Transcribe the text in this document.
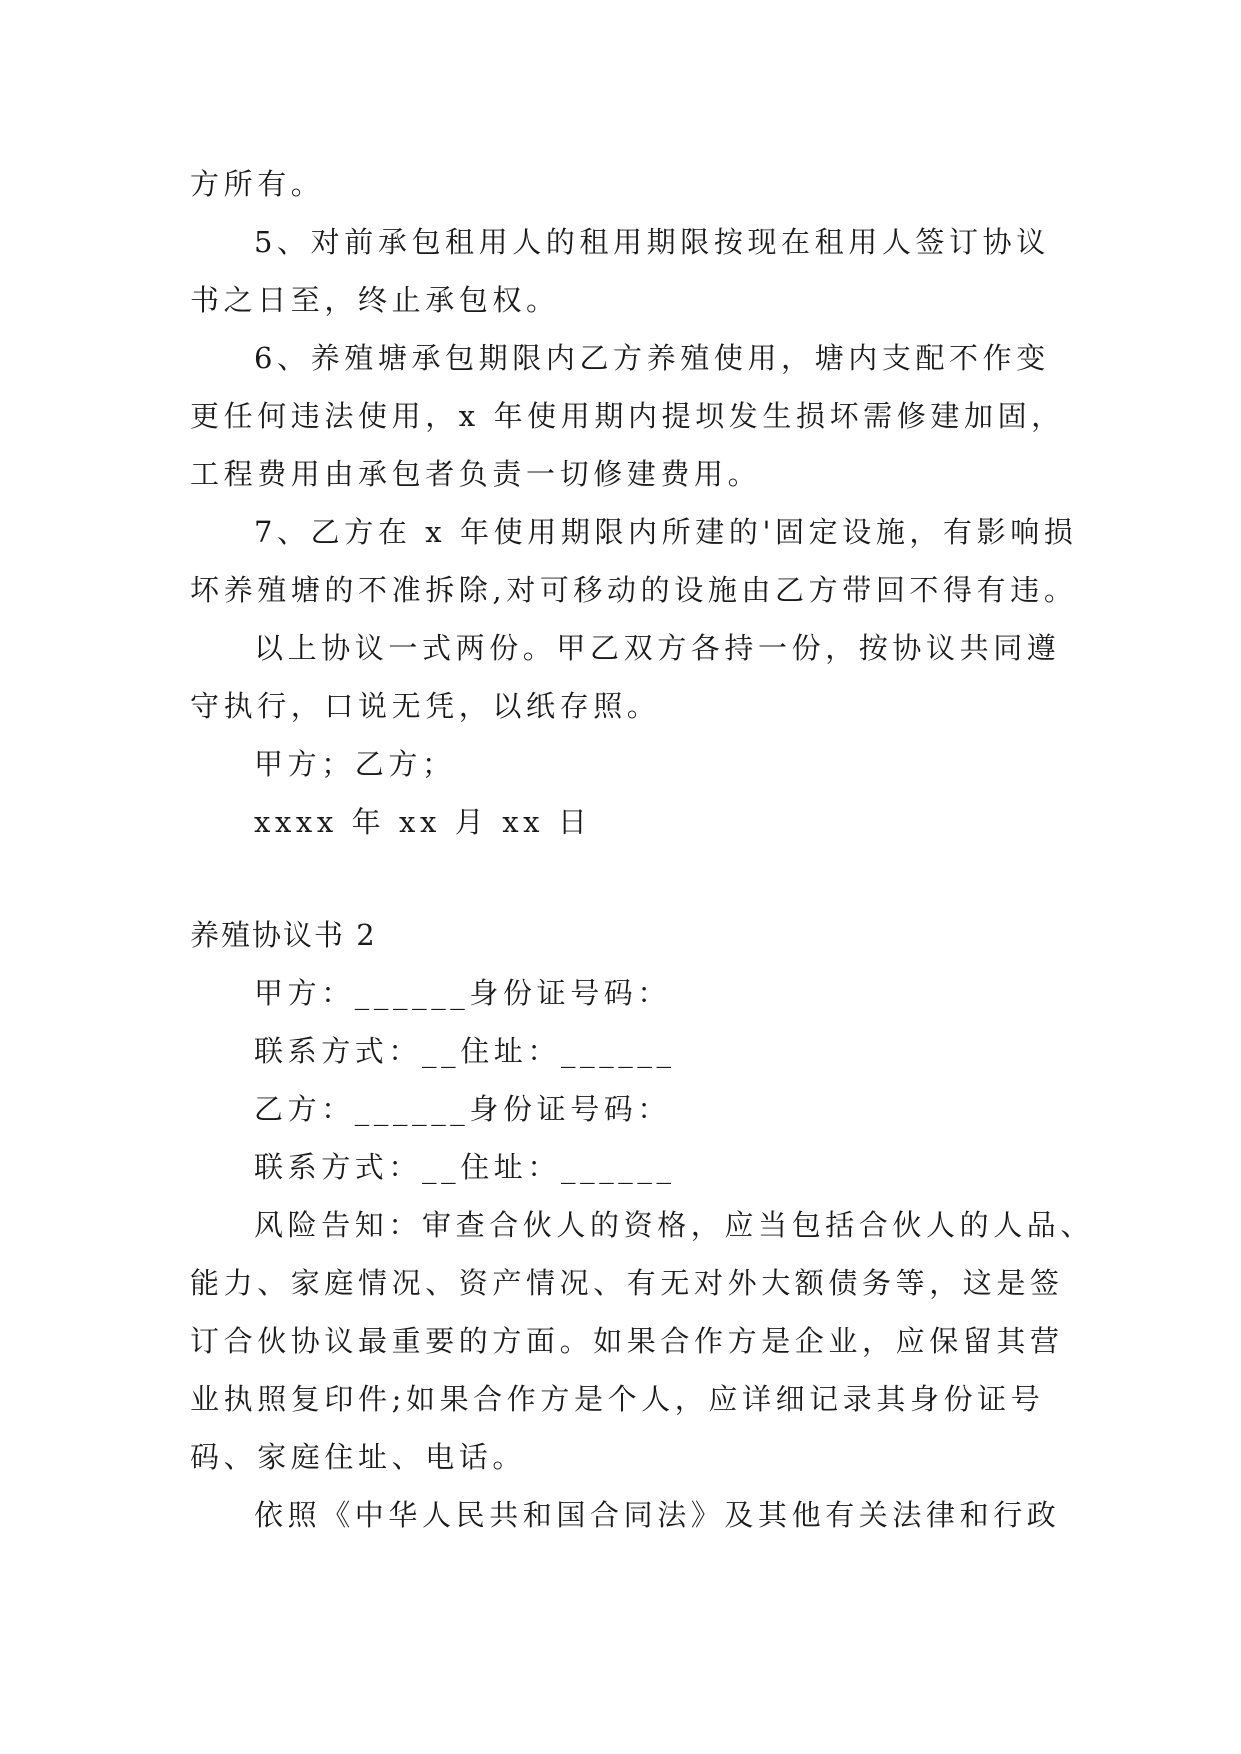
方所有。
5、对前承包租用人的租用期限按现在租用人签订协议
书之日至，终止承包权。
6、养殖塘承包期限内乙方养殖使用，塘内支配不作变
更任何违法使用，x 年使用期内提坝发生损坏需修建加固，
工程费用由承包者负责一切修建费用。
7、乙方在 x 年使用期限内所建的'固定设施，有影响损
坏养殖塘的不准拆除,对可移动的设施由乙方带回不得有违。
以上协议一式两份。甲乙双方各持一份，按协议共同遵
守执行，口说无凭，以纸存照。
甲方；乙方；
xxxx 年 xx 月 xx 日
养殖协议书 2
甲方：______身份证号码：
联系方式：__住址：______
乙方：______身份证号码：
联系方式：__住址：______
风险告知：审查合伙人的资格，应当包括合伙人的人品、
能力、家庭情况、资产情况、有无对外大额债务等，这是签
订合伙协议最重要的方面。如果合作方是企业，应保留其营
业执照复印件;如果合作方是个人，应详细记录其身份证号
码、家庭住址、电话。
依照《中华人民共和国合同法》及其他有关法律和行政
